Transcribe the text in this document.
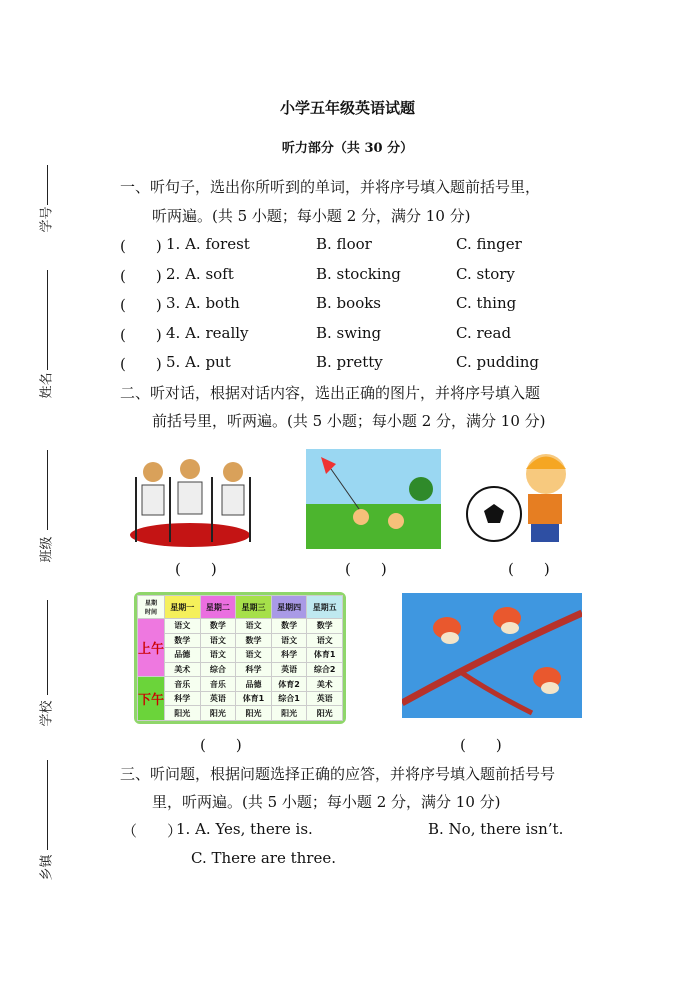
小学五年级英语试题
听力部分（共 30 分）
学号
姓名
班级
学校
乡镇
一、听句子，选出你所听到的单词，并将序号填入题前括号里，
听两遍。(共 5 小题；每小题 2 分，满分 10 分)
(　　) 1. A. forest	B. floor	C. finger
(　　) 2. A. soft	B. stocking	C. story
(　　) 3. A. both	B. books	C. thing
(　　) 4. A. really	B. swing	C. read
(　　) 5. A. put	B. pretty	C. pudding
二、听对话，根据对话内容，选出正确的图片，并将序号填入题
前括号里，听两遍。(共 5 小题；每小题 2 分，满分 10 分)
(　　)	(　　)	(　　)
星期
时间	星期一	星期二	星期三	星期四	星期五
上午	语文	数学	语文	数学	数学
	数学	语文	数学	语文	语文
	品德	语文	语文	科学	体育1
	美术	综合	科学	英语	综合2
下午	音乐	音乐	品德	体育2	美术
	科学	英语	体育1	综合1	英语
	阳光	阳光	阳光	阳光	阳光
(　　)	(　　)
三、听问题，根据问题选择正确的应答，并将序号填入题前括号号
里，听两遍。(共 5 小题；每小题 2 分，满分 10 分)
（　　）
1. A. Yes, there is.	B. No, there isn’t.
C. There are three.
